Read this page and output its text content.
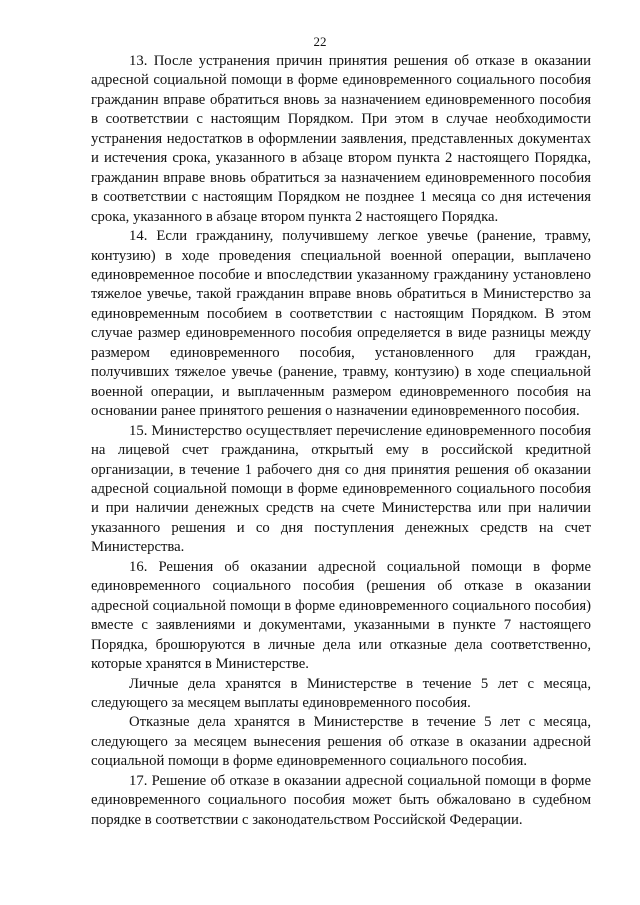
22

13. После устранения причин принятия решения об отказе в оказании адресной социальной помощи в форме единовременного социального пособия гражданин вправе обратиться вновь за назначением единовременного пособия в соответствии с настоящим Порядком. При этом в случае необходимости устранения недостатков в оформлении заявления, представленных документах и истечения срока, указанного в абзаце втором пункта 2 настоящего Порядка, гражданин вправе вновь обратиться за назначением единовременного пособия в соответствии с настоящим Порядком не позднее 1 месяца со дня истечения срока, указанного в абзаце втором пункта 2 настоящего Порядка.

14. Если гражданину, получившему легкое увечье (ранение, травму, контузию) в ходе проведения специальной военной операции, выплачено единовременное пособие и впоследствии указанному гражданину установлено тяжелое увечье, такой гражданин вправе вновь обратиться в Министерство за единовременным пособием в соответствии с настоящим Порядком. В этом случае размер единовременного пособия определяется в виде разницы между размером единовременного пособия, установленного для граждан, получивших тяжелое увечье (ранение, травму, контузию) в ходе специальной военной операции, и выплаченным размером единовременного пособия на основании ранее принятого решения о назначении единовременного пособия.

15. Министерство осуществляет перечисление единовременного пособия на лицевой счет гражданина, открытый ему в российской кредитной организации, в течение 1 рабочего дня со дня принятия решения об оказании адресной социальной помощи в форме единовременного социального пособия и при наличии денежных средств на счете Министерства или при наличии указанного решения и со дня поступления денежных средств на счет Министерства.

16. Решения об оказании адресной социальной помощи в форме единовременного социального пособия (решения об отказе в оказании адресной социальной помощи в форме единовременного социального пособия) вместе с заявлениями и документами, указанными в пункте 7 настоящего Порядка, брошюруются в личные дела или отказные дела соответственно, которые хранятся в Министерстве.

Личные дела хранятся в Министерстве в течение 5 лет с месяца, следующего за месяцем выплаты единовременного пособия.

Отказные дела хранятся в Министерстве в течение 5 лет с месяца, следующего за месяцем вынесения решения об отказе в оказании адресной социальной помощи в форме единовременного социального пособия.

17. Решение об отказе в оказании адресной социальной помощи в форме единовременного социального пособия может быть обжаловано в судебном порядке в соответствии с законодательством Российской Федерации.
